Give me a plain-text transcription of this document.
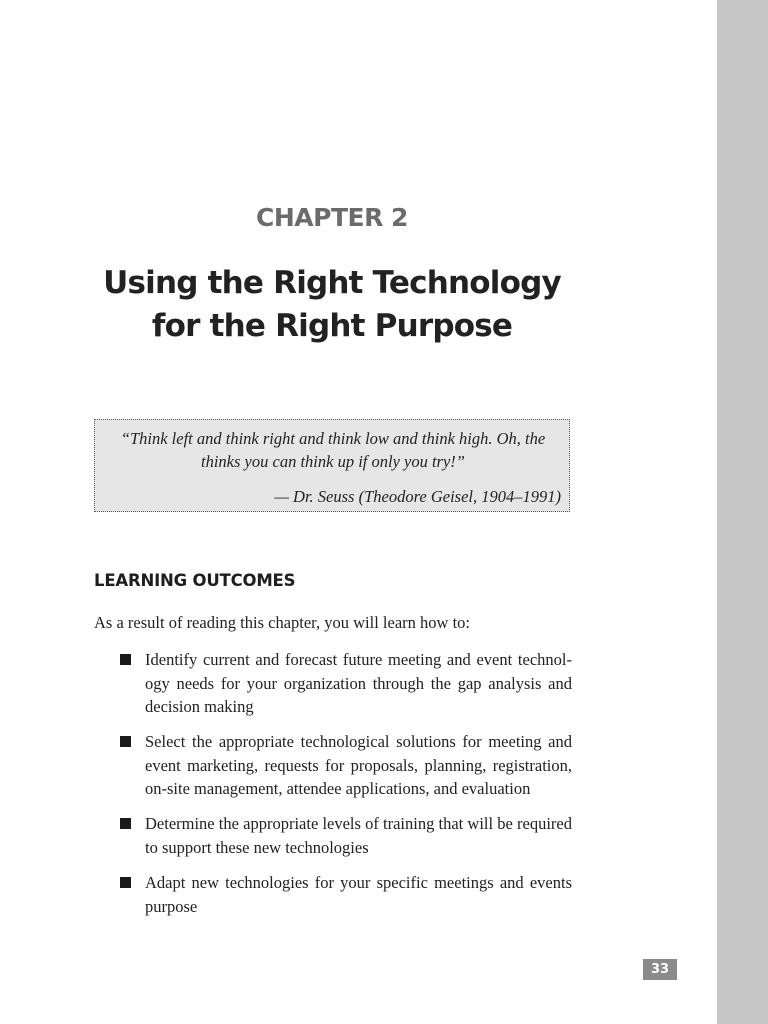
CHAPTER 2
Using the Right Technology
for the Right Purpose
“Think left and think right and think low and think high. Oh, the thinks you can think up if only you try!”
— Dr. Seuss (Theodore Geisel, 1904–1991)
LEARNING OUTCOMES
As a result of reading this chapter, you will learn how to:
Identify current and forecast future meeting and event technol-ogy needs for your organization through the gap analysis and decision making
Select the appropriate technological solutions for meeting and event marketing, requests for proposals, planning, registration, on-site management, attendee applications, and evaluation
Determine the appropriate levels of training that will be required to support these new technologies
Adapt new technologies for your specific meetings and events purpose
33
